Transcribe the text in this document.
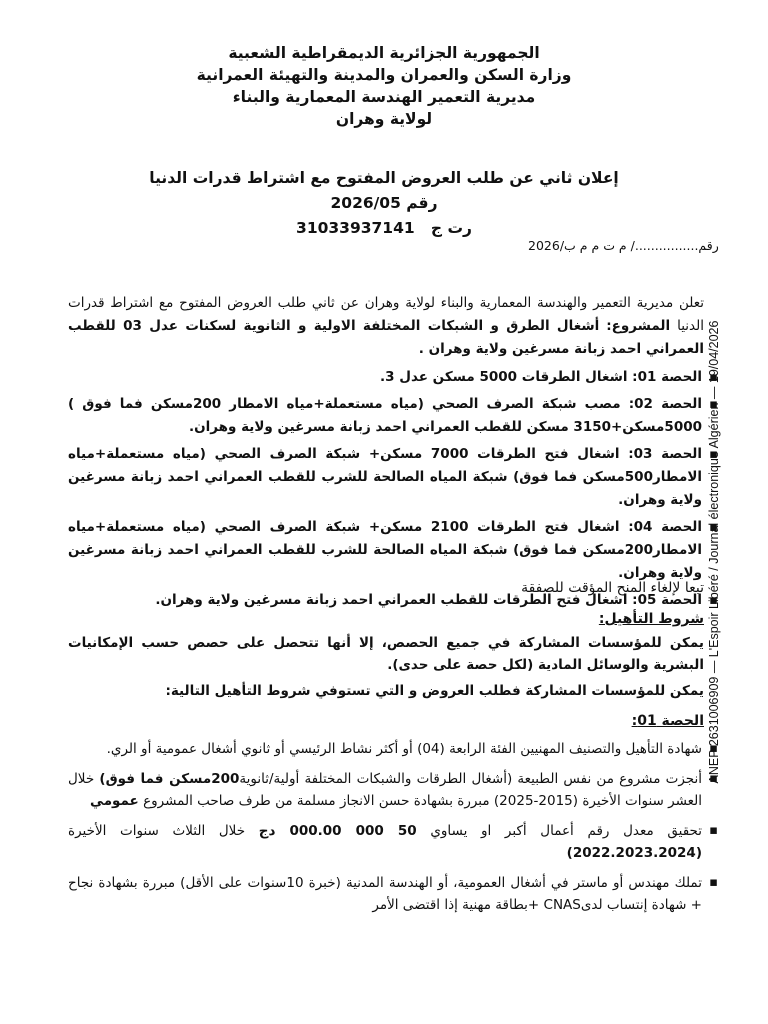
الجمهورية الجزائرية الديمقراطية الشعبية
وزارة السكن والعمران والمدينة والتهيئة العمرانية
مديرية التعمير الهندسة المعمارية والبناء
لولاية وهران
إعلان ثاني عن طلب العروض المفتوح مع اشتراط قدرات الدنيا
رقم 2026/05
رت ج   31033937141
رقم................/ م ت م م ب/2026
تعلن مديرية التعمير والهندسة المعمارية والبناء لولاية وهران عن ثاني طلب العروض المفتوح مع اشتراط قدرات الدنيا المشروع: أشغال الطرق و الشبكات المختلفة الاولية و الثانوية لسكنات عدل 03 للقطب العمراني احمد زبانة مسرغين ولاية وهران .
▪ الحصة 01: اشغال الطرقات 5000 مسكن عدل 3.
▪ الحصة 02: مصب شبكة الصرف الصحي (مياه مستعملة+مياه الامطار 200مسكن فما فوق ) 5000مسكن+3150 مسكن للقطب العمراني احمد زبانة مسرغين ولاية وهران.
▪ الحصة 03: اشغال فتح الطرقات 7000 مسكن+ شبكة الصرف الصحي (مياه مستعملة+مياه الامطار500مسكن فما فوق) شبكة المياه الصالحة للشرب للقطب العمراني احمد زبانة مسرغين ولاية وهران.
▪ الحصة 04: اشغال فتح الطرقات 2100 مسكن+ شبكة الصرف الصحي (مياه مستعملة+مياه الامطار200مسكن فما فوق) شبكة المياه الصالحة للشرب للقطب العمراني احمد زبانة مسرغين ولاية وهران.
▪ الحصة 05: اشغال فتح الطرقات للقطب العمراني احمد زبانة مسرغين ولاية وهران.
تبعا لإلغاء المنح المؤقت للصفقة
شروط التأهيل:
يمكن للمؤسسات المشاركة في جميع الحصص، إلا أنها تتحصل على حصص حسب الإمكانيات البشرية والوسائل المادية (لكل حصة على حدى).
يمكن للمؤسسات المشاركة فطلب العروض و التي تستوفي شروط التأهيل التالية:
الحصة 01:
▪ شهادة التأهيل والتصنيف المهنيين الفئة الرابعة (04) أو أكثر نشاط الرئيسي أو ثانوي أشغال عمومية أو الري.
▪ أنجزت مشروع من نفس الطبيعة (أشغال الطرقات والشبكات المختلفة أولية/ثانوية200مسكن فما فوق) خلال العشر سنوات الأخيرة (2015-2025) مبررة بشهادة حسن الانجاز مسلمة من طرف صاحب المشروع عمومي
▪ تحقيق معدل رقم أعمال أكبر او يساوي 50 000 000.00 دج خلال الثلاث سنوات الأخيرة (2022.2023.2024)
▪ تملك مهندس أو ماستر في أشغال العمومية، أو الهندسة المدنية (خبرة 10سنوات على الأقل) مبررة بشهادة نجاح + شهادة إنتساب لدىCNAS +بطاقة مهنية إذا اقتضى الأمر
ANEP 2631006909 — L'Espoir Libéré / Journal électronique Algérien — 19/04/2026
